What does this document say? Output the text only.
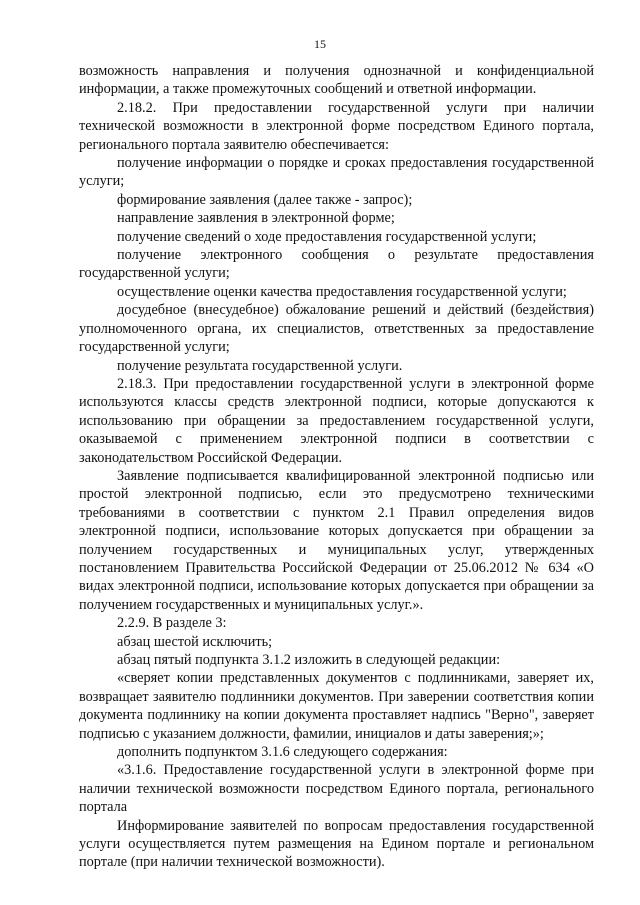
15

возможность направления и получения однозначной и конфиденциальной информации, а также промежуточных сообщений и ответной информации.

2.18.2. При предоставлении государственной услуги при наличии технической возможности в электронной форме посредством Единого портала, регионального портала заявителю обеспечивается:

получение информации о порядке и сроках предоставления государственной услуги;

формирование заявления (далее также - запрос);

направление заявления в электронной форме;

получение сведений о ходе предоставления государственной услуги;

получение электронного сообщения о результате предоставления государственной услуги;

осуществление оценки качества предоставления государственной услуги;

досудебное (внесудебное) обжалование решений и действий (бездействия) уполномоченного органа, их специалистов, ответственных за предоставление государственной услуги;

получение результата государственной услуги.

2.18.3. При предоставлении государственной услуги в электронной форме используются классы средств электронной подписи, которые допускаются к использованию при обращении за предоставлением государственной услуги, оказываемой с применением электронной подписи в соответствии с законодательством Российской Федерации.

Заявление подписывается квалифицированной электронной подписью или простой электронной подписью, если это предусмотрено техническими требованиями в соответствии с пунктом 2.1 Правил определения видов электронной подписи, использование которых допускается при обращении за получением государственных и муниципальных услуг, утвержденных постановлением Правительства Российской Федерации от 25.06.2012 № 634 «О видах электронной подписи, использование которых допускается при обращении за получением государственных и муниципальных услуг.».

2.2.9. В разделе 3:

абзац шестой исключить;

абзац пятый подпункта 3.1.2 изложить в следующей редакции:

«сверяет копии представленных документов с подлинниками, заверяет их, возвращает заявителю подлинники документов. При заверении соответствия копии документа подлиннику на копии документа проставляет надпись "Верно", заверяет подписью с указанием должности, фамилии, инициалов и даты заверения;»;

дополнить подпунктом 3.1.6 следующего содержания:

«3.1.6. Предоставление государственной услуги в электронной форме при наличии технической возможности посредством Единого портала, регионального портала

Информирование заявителей по вопросам предоставления государственной услуги осуществляется путем размещения на Едином портале и региональном портале (при наличии технической возможности).
